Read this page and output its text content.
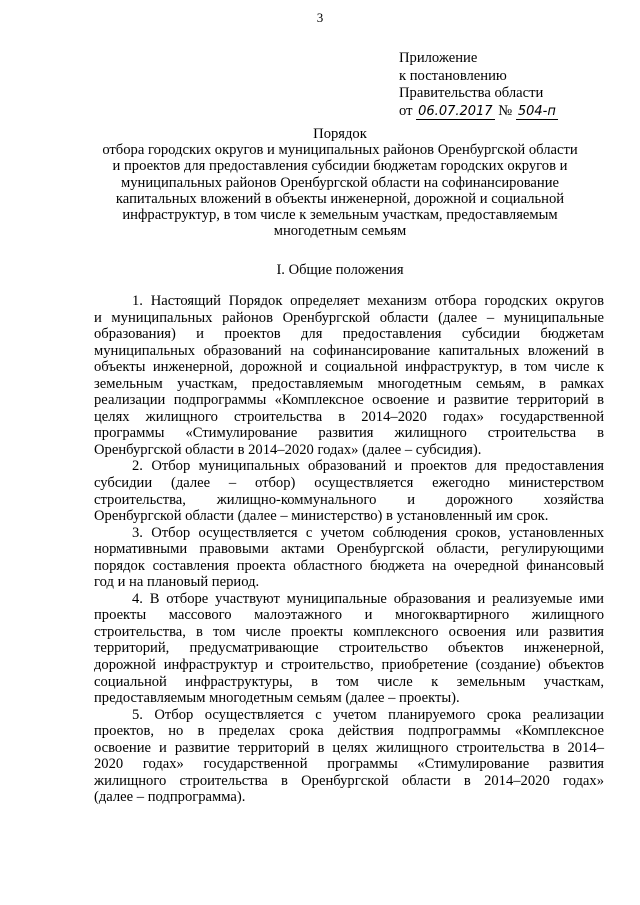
3
Приложение
к постановлению
Правительства области
от 06.07.2017 № 504-п
Порядок
отбора городских округов и муниципальных районов Оренбургской области
и проектов для предоставления субсидии бюджетам городских округов и
муниципальных районов Оренбургской области на софинансирование
капитальных вложений в объекты инженерной, дорожной и социальной
инфраструктур, в том числе к земельным участкам, предоставляемым
многодетным семьям
I. Общие положения

1. Настоящий Порядок определяет механизм отбора городских округов

и муниципальных районов Оренбургской области (далее – муниципальные

образования) и проектов для предоставления субсидии бюджетам

муниципальных образований на софинансирование капитальных вложений в

объекты инженерной, дорожной и социальной инфраструктур, в том числе к

земельным участкам, предоставляемым многодетным семьям, в рамках

реализации подпрограммы «Комплексное освоение и развитие территорий в

целях жилищного строительства в 2014–2020 годах» государственной

программы «Стимулирование развития жилищного строительства в

Оренбургской области в 2014–2020 годах» (далее – субсидия).

2. Отбор муниципальных образований и проектов для предоставления

субсидии (далее – отбор) осуществляется ежегодно министерством

строительства, жилищно-коммунального и дорожного хозяйства

Оренбургской области (далее – министерство) в установленный им срок.

3. Отбор осуществляется с учетом соблюдения сроков, установленных

нормативными правовыми актами Оренбургской области, регулирующими

порядок составления проекта областного бюджета на очередной финансовый

год и на плановый период.

4. В отборе участвуют муниципальные образования и реализуемые ими

проекты массового малоэтажного и многоквартирного жилищного

строительства, в том числе проекты комплексного освоения или развития

территорий, предусматривающие строительство объектов инженерной,

дорожной инфраструктур и строительство, приобретение (создание) объектов

социальной инфраструктуры, в том числе к земельным участкам,

предоставляемым многодетным семьям (далее – проекты).

5. Отбор осуществляется с учетом планируемого срока реализации

проектов, но в пределах срока действия подпрограммы «Комплексное

освоение и развитие территорий в целях жилищного строительства в 2014–

2020 годах» государственной программы «Стимулирование развития

жилищного строительства в Оренбургской области в 2014–2020 годах»

(далее – подпрограмма).
